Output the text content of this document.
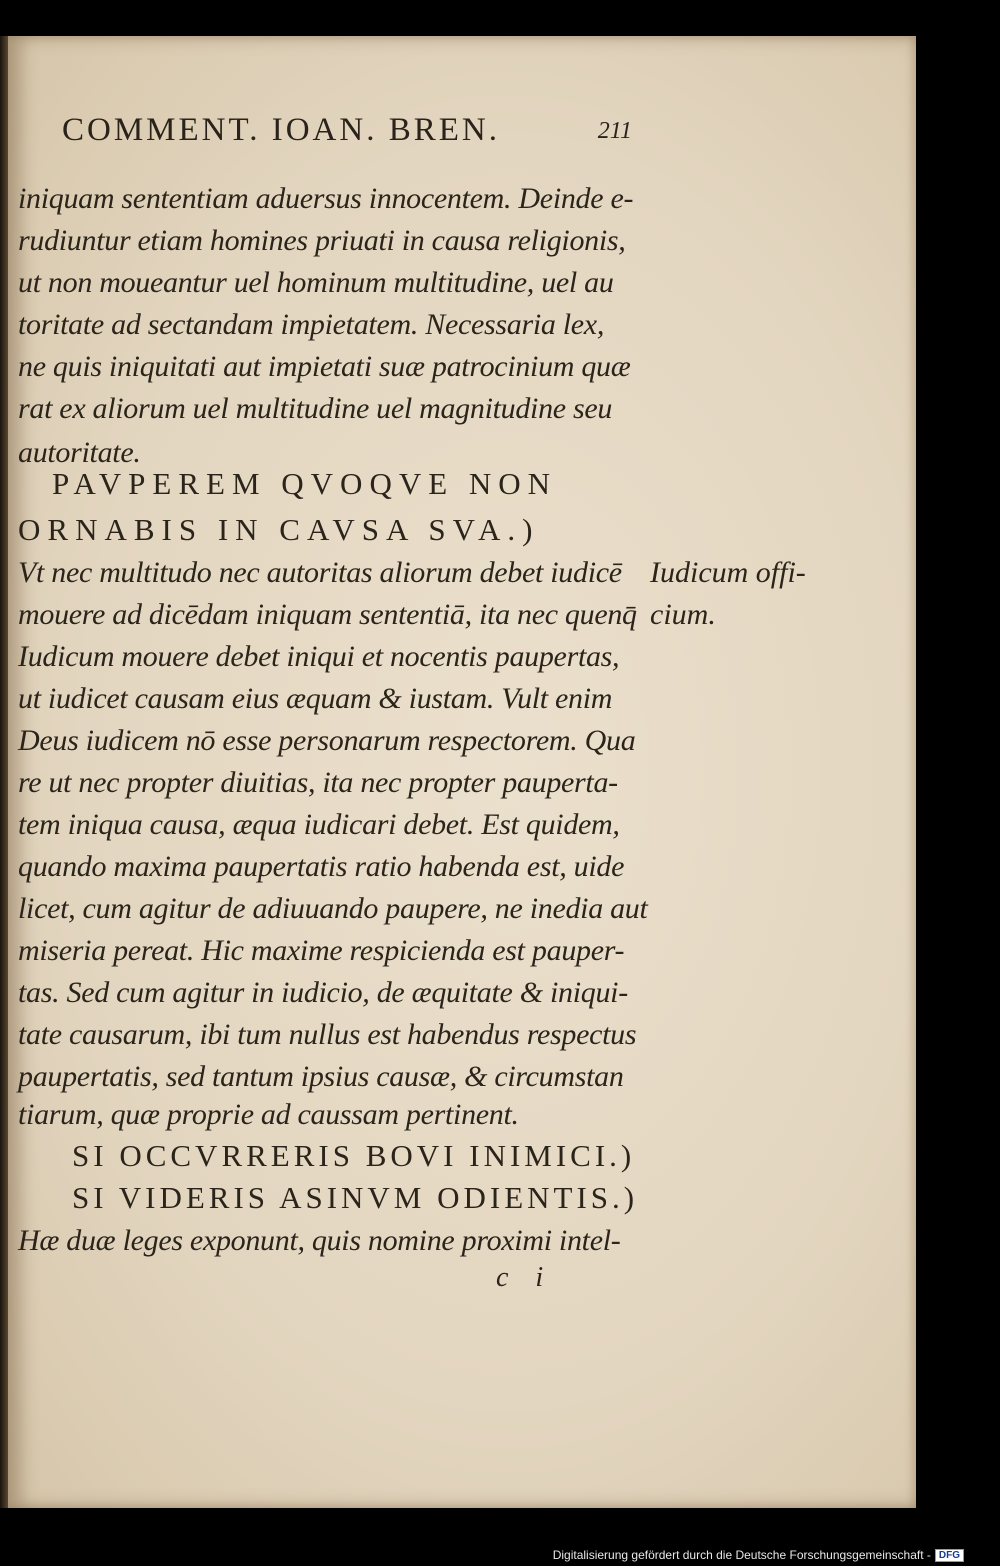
COMMENT. IOAN. BREN.	211
iniquam sententiam aduersus innocentem. Deinde e-
rudiuntur etiam homines priuati in causa religionis,
ut non moueantur uel hominum multitudine, uel au
toritate ad sectandam impietatem. Necessaria lex,
ne quis iniquitati aut impietati suæ patrocinium quæ
rat ex aliorum uel multitudine uel magnitudine seu
autoritate.
PAVPEREM QVOQVE NON
ORNABIS IN CAVSA SVA.)
Vt nec multitudo nec autoritas aliorum debet iudicē
mouere ad dicēdam iniquam sententiā, ita nec quenq̄
Iudicum mouere debet iniqui et nocentis paupertas,
ut iudicet causam eius æquam & iustam. Vult enim
Deus iudicem nō esse personarum respectorem. Qua
re ut nec propter diuitias, ita nec propter paupertа-
tem iniqua causa, æqua iudicari debet. Est quidem,
quando maxima paupertatis ratio habenda est, uide
licet, cum agitur de adiuuando paupere, ne inedia aut
miseria pereat. Hic maxime respicienda est pauper-
tas. Sed cum agitur in iudicio, de æquitate & iniqui-
tate causarum, ibi tum nullus est habendus respectus
paupertatis, sed tantum ipsius causæ, & circumstan
tiarum, quæ proprie ad caussam pertinent.
Iudicum offi-
cium.
SI OCCVRRERIS BOVI INIMICI.)
SI VIDERIS ASINVM ODIENTIS.)
Hæ duæ leges exponunt, quis nomine proximi intel-
c i
Digitalisierung gefördert durch die Deutsche Forschungsgemeinschaft - DFG
